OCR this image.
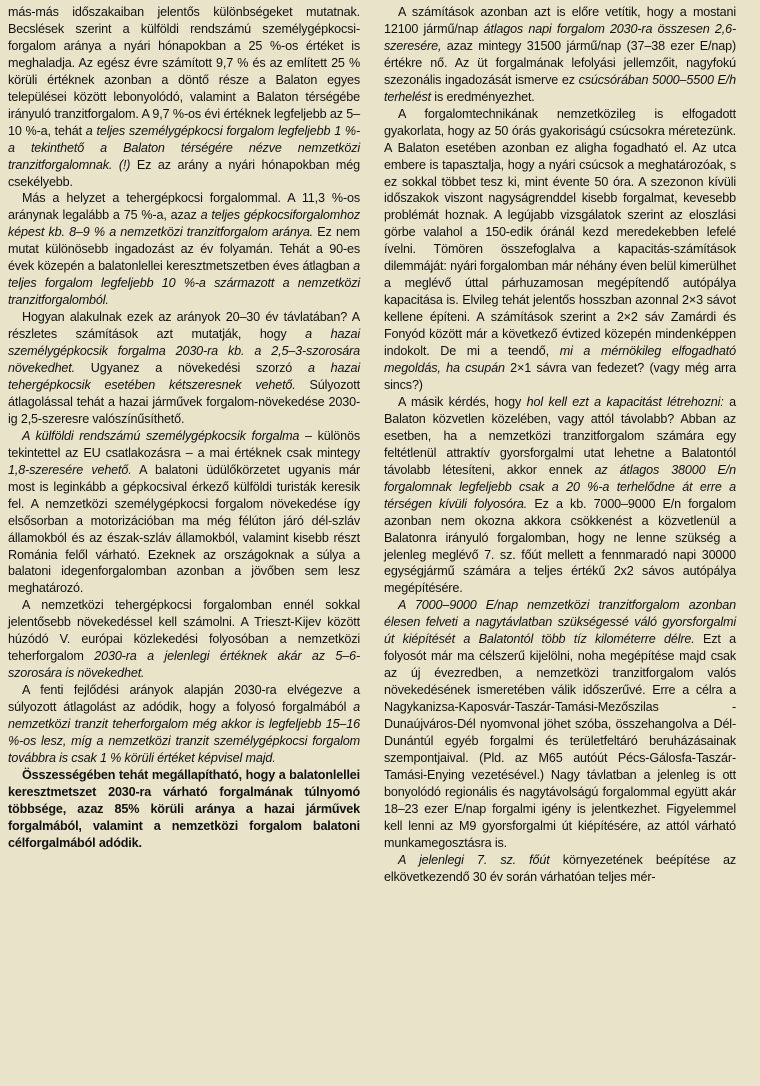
más-más időszakaiban jelentős különbségeket mutatnak. Becslések szerint a külföldi rendszámú személygépkocsi-forgalom aránya a nyári hónapokban a 25 %-os értéket is meghaladja. Az egész évre számított 9,7 % és az említett 25 % körüli értéknek azonban a döntő része a Balaton egyes települései között lebonyolódó, valamint a Balaton térségébe irányuló tranzitforgalom. A 9,7 %-os évi értéknek legfeljebb az 5–10 %-a, tehát a teljes személygépkocsi forgalom legfeljebb 1 %-a tekinthető a Balaton térségére nézve nemzetközi tranzitforgalomnak. (!) Ez az arány a nyári hónapokban még csekélyebb.

Más a helyzet a tehergépkocsi forgalommal. A 11,3 %-os aránynak legalább a 75 %-a, azaz a teljes gépkocsiforgalomhoz képest kb. 8–9 % a nemzetközi tranzitforgalom aránya. Ez nem mutat különösebb ingadozást az év folyamán. Tehát a 90-es évek közepén a balatonlellei keresztmetszetben éves átlagban a teljes forgalom legfeljebb 10 %-a származott a nemzetközi tranzitforgalomból.

Hogyan alakulnak ezek az arányok 20–30 év távlatában? A részletes számítások azt mutatják, hogy a hazai személygépkocsik forgalma 2030-ra kb. a 2,5–3-szorosára növekedhet. Ugyanez a növekedési szorzó a hazai tehergépkocsik esetében kétszeresnek vehető. Súlyozott átlagolással tehát a hazai járművek forgalom-növekedése 2030-ig 2,5-szeresre valószínűsíthető.

A külföldi rendszámú személygépkocsik forgalma – különös tekintettel az EU csatlakozásra – a mai értéknek csak mintegy 1,8-szeresére vehető. A balatoni üdülőkörzetet ugyanis már most is leginkább a gépkocsival érkező külföldi turisták keresik fel. A nemzetközi személygépkocsi forgalom növekedése így elsősorban a motorizációban ma még félúton járó dél-szláv államokból és az észak-szláv államokból, valamint kisebb részt Románia felől várható. Ezeknek az országoknak a súlya a balatoni idegenforgalomban azonban a jövőben sem lesz meghatározó.

A nemzetközi tehergépkocsi forgalomban ennél sokkal jelentősebb növekedéssel kell számolni. A Trieszt-Kijev között húzódó V. európai közlekedési folyosóban a nemzetközi teherforgalom 2030-ra a jelenlegi értéknek akár az 5–6-szorosára is növekedhet.

A fenti fejlődési arányok alapján 2030-ra elvégezve a súlyozott átlagolást az adódik, hogy a folyosó forgalmából a nemzetközi tranzit teherforgalom még akkor is legfeljebb 15–16 %-os lesz, míg a nemzetközi tranzit személygépkocsi forgalom továbbra is csak 1 % körüli értéket képvisel majd.

Összességében tehát megállapítható, hogy a balatonlellei keresztmetszet 2030-ra várható forgalmának túlnyomó többsége, azaz 85% körüli aránya a hazai járművek forgalmából, valamint a nemzetközi forgalom balatoni célforgalmából adódik.

A számítások azonban azt is előre vetítik, hogy a mostani 12100 jármű/nap átlagos napi forgalom 2030-ra összesen 2,6-szeresére, azaz mintegy 31500 jármű/nap (37–38 ezer E/nap) értékre nő. Az üt forgalmának lefolyási jellemzőit, nagyfokú szezonális ingadozását ismerve ez csúcsórában 5000–5500 E/h terhelést is eredményezhet.

A forgalomtechnikának nemzetközileg is elfogadott gyakorlata, hogy az 50 órás gyakoriságú csúcsokra méretezünk. A Balaton esetében azonban ez aligha fogadható el. Az utca embere is tapasztalja, hogy a nyári csúcsok a meghatározóak, s ez sokkal többet tesz ki, mint évente 50 óra. A szezonon kívüli időszakok viszont nagyságrenddel kisebb forgalmat, kevesebb problémát hoznak. A legújabb vizsgálatok szerint az eloszlási görbe valahol a 150-edik óránál kezd meredekebben lefelé ívelni. Tömören összefoglalva a kapacitás-számítások dilemmáját: nyári forgalomban már néhány éven belül kimerülhet a meglévő úttal párhuzamosan megépítendő autópálya kapacitása is. Elvileg tehát jelentős hosszban azonnal 2×3 sávot kellene építeni. A számítások szerint a 2×2 sáv Zamárdi és Fonyód között már a következő évtized közepén mindenképpen indokolt. De mi a teendő, mi a mérnökileg elfogadható megoldás, ha csupán 2×1 sávra van fedezet? (vagy még arra sincs?)

A másik kérdés, hogy hol kell ezt a kapacitást létrehozni: a Balaton közvetlen közelében, vagy attól távolabb? Abban az esetben, ha a nemzetközi tranzitforgalom számára egy feltétlenül attraktív gyorsforgalmi utat lehetne a Balatontól távolabb létesíteni, akkor ennek az átlagos 38000 E/n forgalomnak legfeljebb csak a 20 %-a terhelődne át erre a térségen kívüli folyosóra. Ez a kb. 7000–9000 E/n forgalom azonban nem okozna akkora csökkenést a közvetlenül a Balatonra irányuló forgalomban, hogy ne lenne szükség a jelenleg meglévő 7. sz. főút mellett a fennmaradó napi 30000 egységjármű számára a teljes értékű 2x2 sávos autópálya megépítésére.

A 7000–9000 E/nap nemzetközi tranzitforgalom azonban élesen felveti a nagytávlatban szükségessé váló gyorsforgalmi út kiépítését a Balatontól több tíz kilométerre délre. Ezt a folyosót már ma célszerű kijelölni, noha megépítése majd csak az új évezredben, a nemzetközi tranzitforgalom valós növekedésének ismeretében válik időszerűvé. Erre a célra a Nagykanizsa-Kaposvár-Taszár-Tamási-Mezőszilas -Dunaújváros-Dél nyomvonal jöhet szóba, összehangolva a Dél-Dunántúl egyéb forgalmi és területfeltáró beruházásainak szempontjaival. (Pld. az M65 autóút Pécs-Gálosfa-Taszár-Tamási-Enying vezetésével.) Nagy távlatban a jelenleg is ott bonyolódó regionális és nagytávolságú forgalommal együtt akár 18–23 ezer E/nap forgalmi igény is jelentkezhet. Figyelemmel kell lenni az M9 gyorsforgalmi út kiépítésére, az attól várható munkamegosztásra is.

A jelenlegi 7. sz. főút környezetének beépítése az elkövetkezendő 30 év során várhatóan teljes mér-
